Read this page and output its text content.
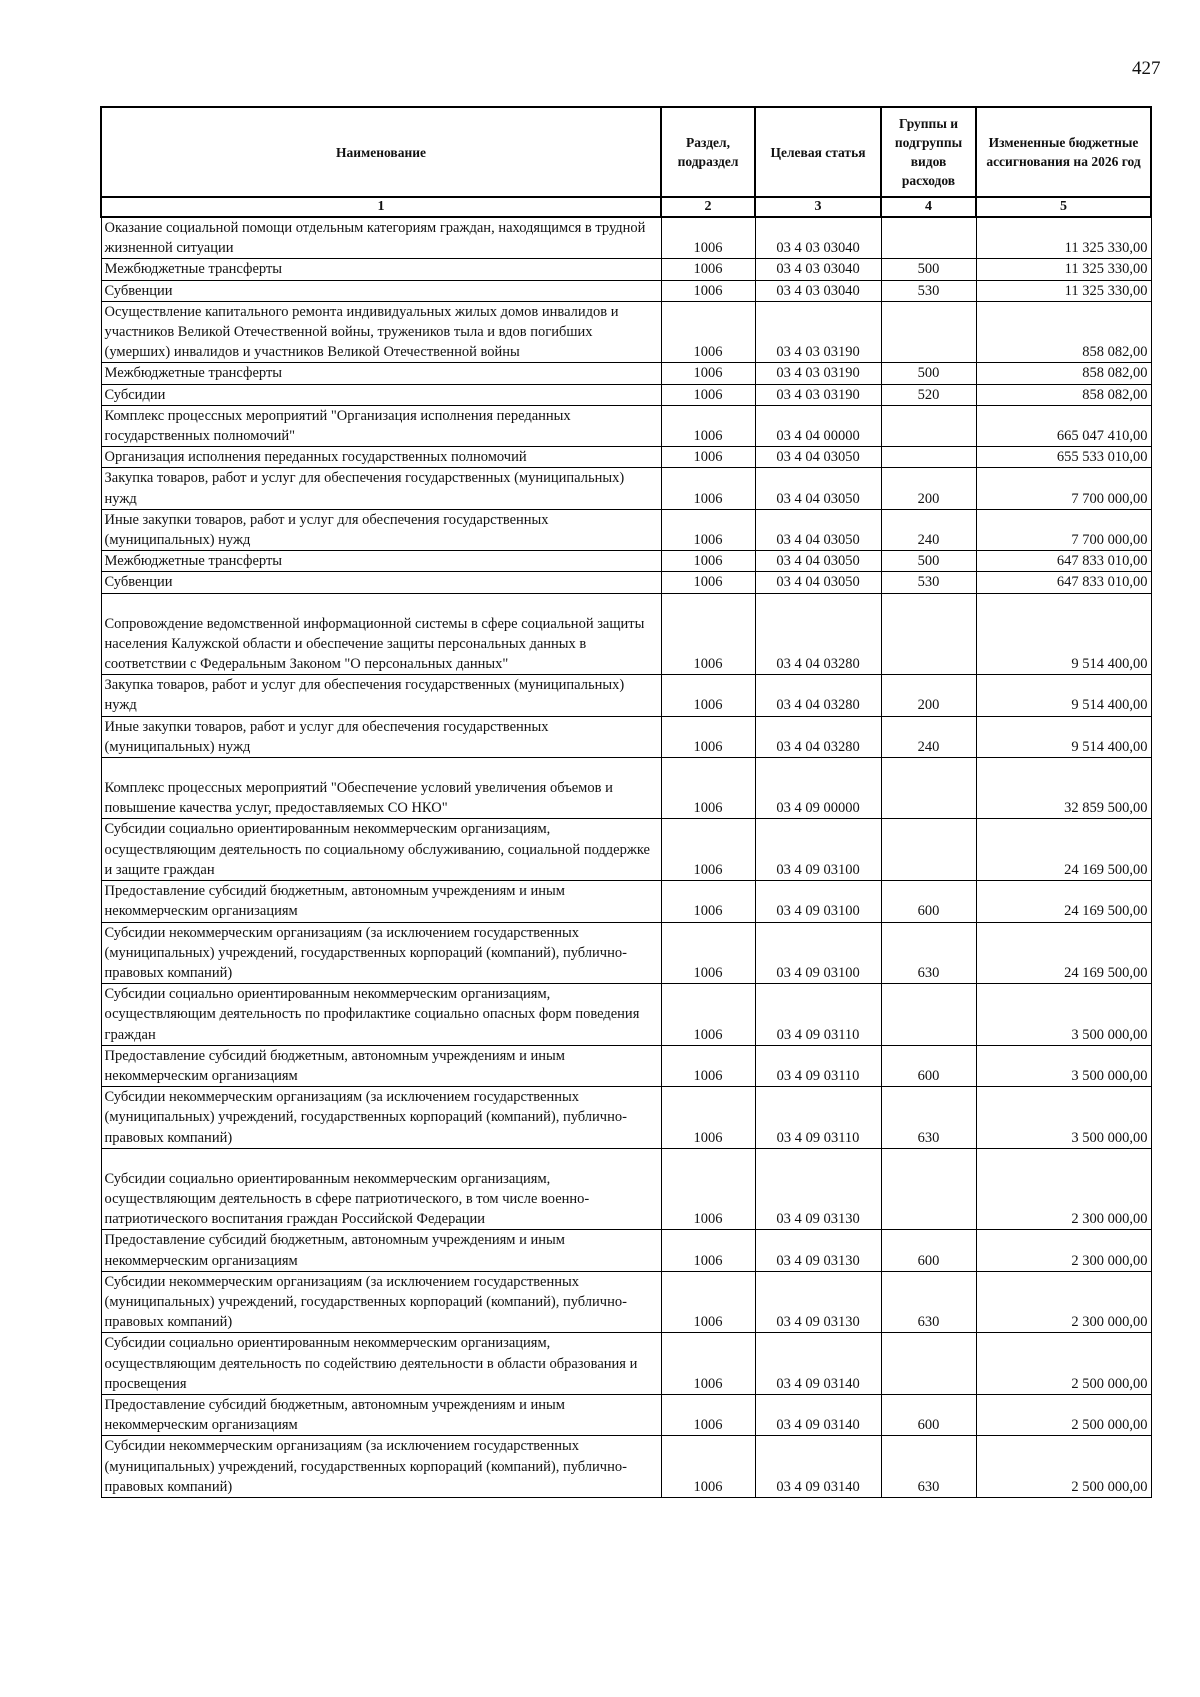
427
Наименование	Раздел, подраздел	Целевая статья	Группы и подгруппы видов расходов	Измененные бюджетные ассигнования на 2026 год
1	2	3	4	5
Оказание социальной помощи отдельным категориям граждан, находящимся в трудной жизненной ситуации	1006	03 4 03 03040		11 325 330,00
Межбюджетные трансферты	1006	03 4 03 03040	500	11 325 330,00
Субвенции	1006	03 4 03 03040	530	11 325 330,00
Осуществление капитального ремонта индивидуальных жилых домов инвалидов и участников Великой Отечественной войны, тружеников тыла и вдов погибших (умерших) инвалидов и участников Великой Отечественной войны	1006	03 4 03 03190		858 082,00
Межбюджетные трансферты	1006	03 4 03 03190	500	858 082,00
Субсидии	1006	03 4 03 03190	520	858 082,00
Комплекс процессных мероприятий "Организация исполнения переданных государственных полномочий"	1006	03 4 04 00000		665 047 410,00
Организация исполнения переданных государственных полномочий	1006	03 4 04 03050		655 533 010,00
Закупка товаров, работ и услуг для обеспечения государственных (муниципальных) нужд	1006	03 4 04 03050	200	7 700 000,00
Иные закупки товаров, работ и услуг для обеспечения государственных (муниципальных) нужд	1006	03 4 04 03050	240	7 700 000,00
Межбюджетные трансферты	1006	03 4 04 03050	500	647 833 010,00
Субвенции	1006	03 4 04 03050	530	647 833 010,00
Сопровождение ведомственной информационной системы в сфере социальной защиты населения Калужской области и обеспечение защиты персональных данных в соответствии с Федеральным Законом "О персональных данных"	1006	03 4 04 03280		9 514 400,00
Закупка товаров, работ и услуг для обеспечения государственных (муниципальных) нужд	1006	03 4 04 03280	200	9 514 400,00
Иные закупки товаров, работ и услуг для обеспечения государственных (муниципальных) нужд	1006	03 4 04 03280	240	9 514 400,00
Комплекс процессных мероприятий "Обеспечение условий увеличения объемов и повышение качества услуг, предоставляемых СО НКО"	1006	03 4 09 00000		32 859 500,00
Субсидии социально ориентированным некоммерческим организациям, осуществляющим деятельность по социальному обслуживанию, социальной поддержке и защите граждан	1006	03 4 09 03100		24 169 500,00
Предоставление субсидий бюджетным, автономным учреждениям и иным некоммерческим организациям	1006	03 4 09 03100	600	24 169 500,00
Субсидии некоммерческим организациям (за исключением государственных (муниципальных) учреждений, государственных корпораций (компаний), публично-правовых компаний)	1006	03 4 09 03100	630	24 169 500,00
Субсидии социально ориентированным некоммерческим организациям, осуществляющим деятельность по профилактике социально опасных форм поведения граждан	1006	03 4 09 03110		3 500 000,00
Предоставление субсидий бюджетным, автономным учреждениям и иным некоммерческим организациям	1006	03 4 09 03110	600	3 500 000,00
Субсидии некоммерческим организациям (за исключением государственных (муниципальных) учреждений, государственных корпораций (компаний), публично-правовых компаний)	1006	03 4 09 03110	630	3 500 000,00
Субсидии социально ориентированным некоммерческим организациям, осуществляющим деятельность в сфере патриотического, в том числе военно-патриотического воспитания граждан Российской Федерации	1006	03 4 09 03130		2 300 000,00
Предоставление субсидий бюджетным, автономным учреждениям и иным некоммерческим организациям	1006	03 4 09 03130	600	2 300 000,00
Субсидии некоммерческим организациям (за исключением государственных (муниципальных) учреждений, государственных корпораций (компаний), публично-правовых компаний)	1006	03 4 09 03130	630	2 300 000,00
Субсидии социально ориентированным некоммерческим организациям, осуществляющим деятельность по содействию деятельности в области образования и просвещения	1006	03 4 09 03140		2 500 000,00
Предоставление субсидий бюджетным, автономным учреждениям и иным некоммерческим организациям	1006	03 4 09 03140	600	2 500 000,00
Субсидии некоммерческим организациям (за исключением государственных (муниципальных) учреждений, государственных корпораций (компаний), публично-правовых компаний)	1006	03 4 09 03140	630	2 500 000,00
